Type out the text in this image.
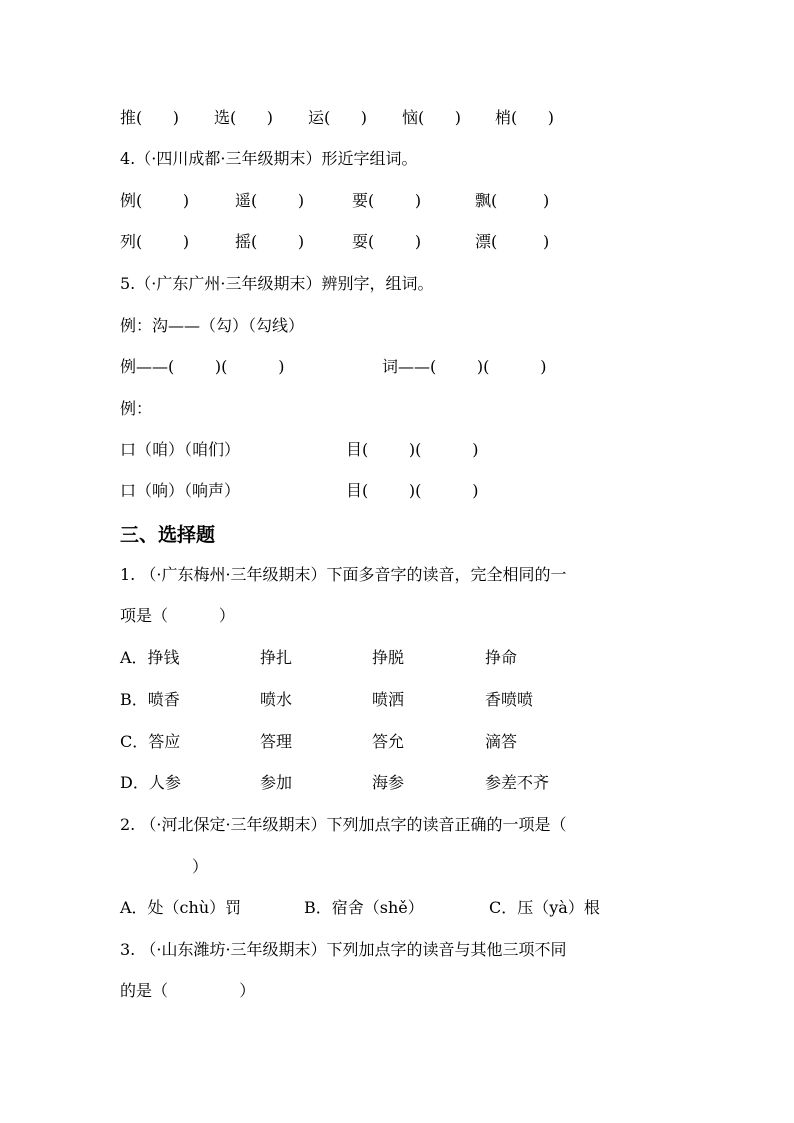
推(      )

选(      )

运(      )

恼(      )

梢(      )

4.（·四川成都·三年级期末）形近字组词。

例(        )

	遥(        )

	要(        )

	飘(         )

列(        )

	摇(        )

	耍(        )

	漂(         )

5.（·广东广州·三年级期末）辨别字，组词。
例：沟——（勾）（勾线）

例——(        )(          )

	词——(        )(          )

例：

口（咱）（咱们）

	目(        )(          )

口（响）（响声）

	目(        )(          )

三、选择题
1. （·广东梅州·三年级期末）下面多音字的读音，完全相同的一
项是（          ）

A．挣钱

	挣扎

	挣脱

	挣命

B．喷香

	喷水

	喷洒

	香喷喷

C．答应

	答理

	答允

	滴答

D．人参

	参加

	海参

	参差不齐

2. （·河北保定·三年级期末）下列加点字的读音正确的一项是（
）

A．处（chù）罚

	B．宿舍（shě）

	C．压（yà）根

3. （·山东潍坊·三年级期末）下列加点字的读音与其他三项不同
的是（              ）
